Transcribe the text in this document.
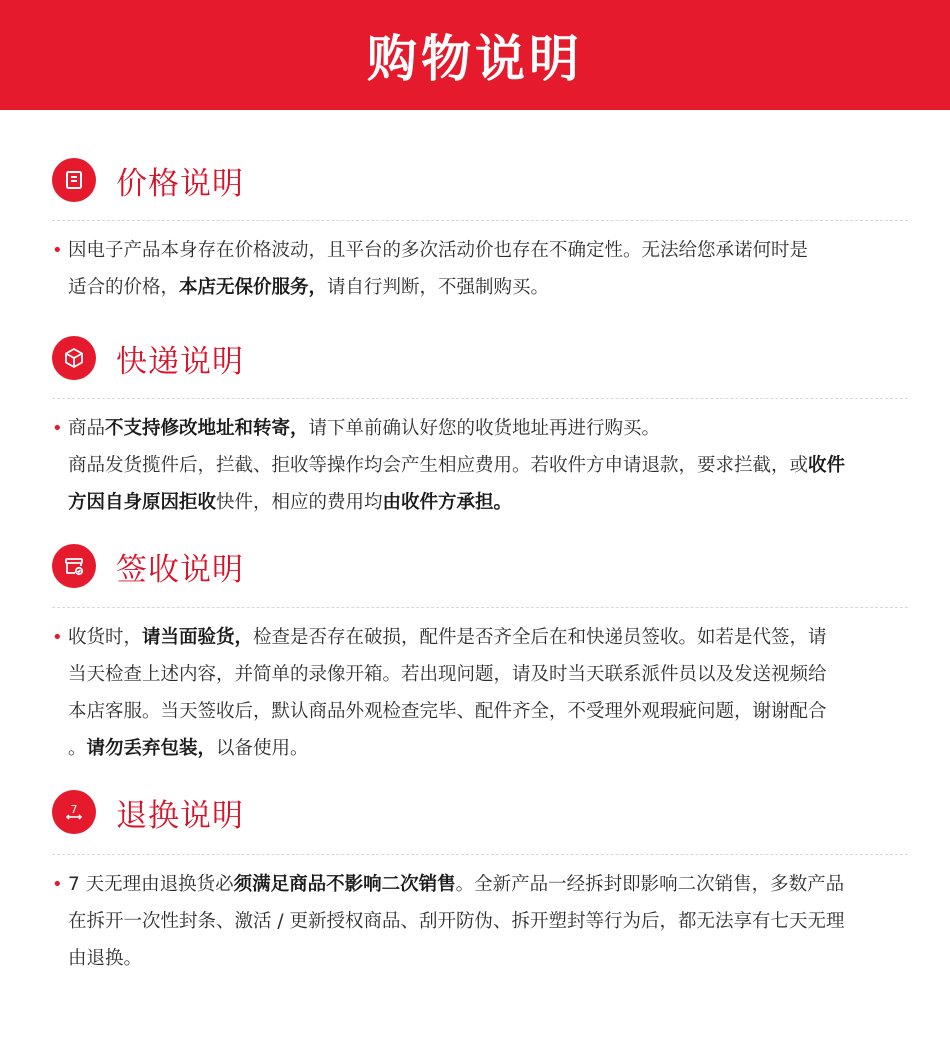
购物说明
价格说明
• 因电子产品本身存在价格波动，且平台的多次活动价也存在不确定性。无法给您承诺何时是

适合的价格，本店无保价服务，请自行判断，不强制购买。

快递说明
• 商品不支持修改地址和转寄，请下单前确认好您的收货地址再进行购买。

商品发货揽件后，拦截、拒收等操作均会产生相应费用。若收件方申请退款，要求拦截，或收件

方因自身原因拒收快件，相应的费用均由收件方承担。

签收说明
• 收货时，请当面验货，检查是否存在破损，配件是否齐全后在和快递员签收。如若是代签，请

当天检查上述内容，并简单的录像开箱。若出现问题，请及时当天联系派件员以及发送视频给

本店客服。当天签收后，默认商品外观检查完毕、配件齐全，不受理外观瑕疵问题，谢谢配合

。请勿丢弃包装，以备使用。

7 退换说明
• 7 天无理由退换货必须满足商品不影响二次销售。全新产品一经拆封即影响二次销售，多数产品

在拆开一次性封条、激活 / 更新授权商品、刮开防伪、拆开塑封等行为后，都无法享有七天无理

由退换。
